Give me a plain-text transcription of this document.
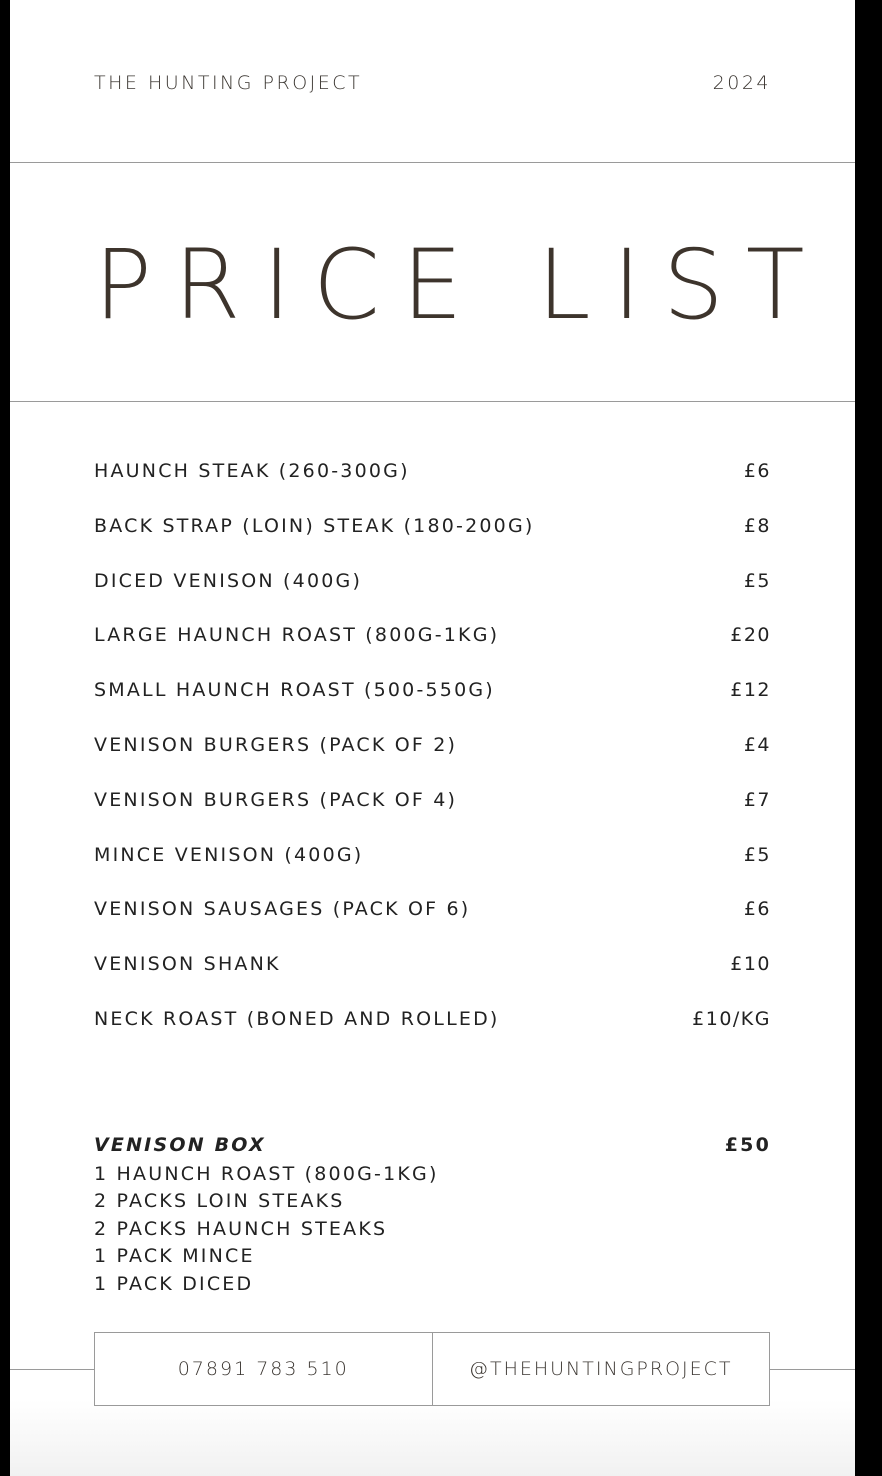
THE HUNTING PROJECT	2024
PRICE LIST
HAUNCH STEAK (260-300G)	£6
BACK STRAP (LOIN) STEAK (180-200G)	£8
DICED VENISON (400G)	£5
LARGE HAUNCH ROAST (800G-1KG)	£20
SMALL HAUNCH ROAST (500-550G)	£12
VENISON BURGERS (PACK OF 2)	£4
VENISON BURGERS (PACK OF 4)	£7
MINCE VENISON (400G)	£5
VENISON SAUSAGES (PACK OF 6)	£6
VENISON SHANK	£10
NECK ROAST (BONED AND ROLLED)	£10/KG
VENISON BOX	£50
1 HAUNCH ROAST (800G-1KG)
2 PACKS LOIN STEAKS
2 PACKS HAUNCH STEAKS
1 PACK MINCE
1 PACK DICED
07891 783 510	@THEHUNTINGPROJECT
